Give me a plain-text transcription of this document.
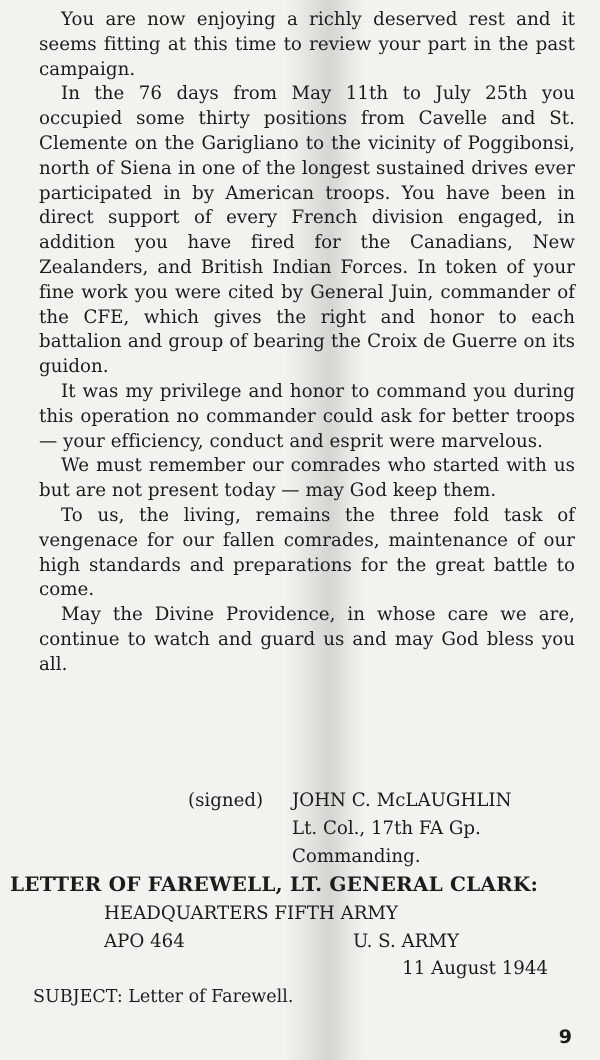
You are now enjoying a richly deserved rest and it seems fitting at this time to review your part in the past campaign.

In the 76 days from May 11th to July 25th you occupied some thirty positions from Cavelle and St. Clemente on the Garigliano to the vicinity of Poggibonsi, north of Siena in one of the longest sustained drives ever participated in by American troops. You have been in direct support of every French division engaged, in addition you have fired for the Canadians, New Zealanders, and British Indian Forces. In token of your fine work you were cited by General Juin, commander of the CFE, which gives the right and honor to each battalion and group of bearing the Croix de Guerre on its guidon.

It was my privilege and honor to command you during this operation no commander could ask for better troops — your efficiency, conduct and esprit were marvelous.

We must remember our comrades who started with us but are not present today — may God keep them.

To us, the living, remains the three fold task of vengenace for our fallen comrades, maintenance of our high standards and preparations for the great battle to come.

May the Divine Providence, in whose care we are, continue to watch and guard us and may God bless you all.

(signed)	JOHN C. McLAUGHLIN
Lt. Col., 17th FA Gp.
Commanding.
LETTER OF FAREWELL, LT. GENERAL CLARK:
HEADQUARTERS FIFTH ARMY
APO 464	U. S. ARMY
11 August 1944
SUBJECT: Letter of Farewell.
9
